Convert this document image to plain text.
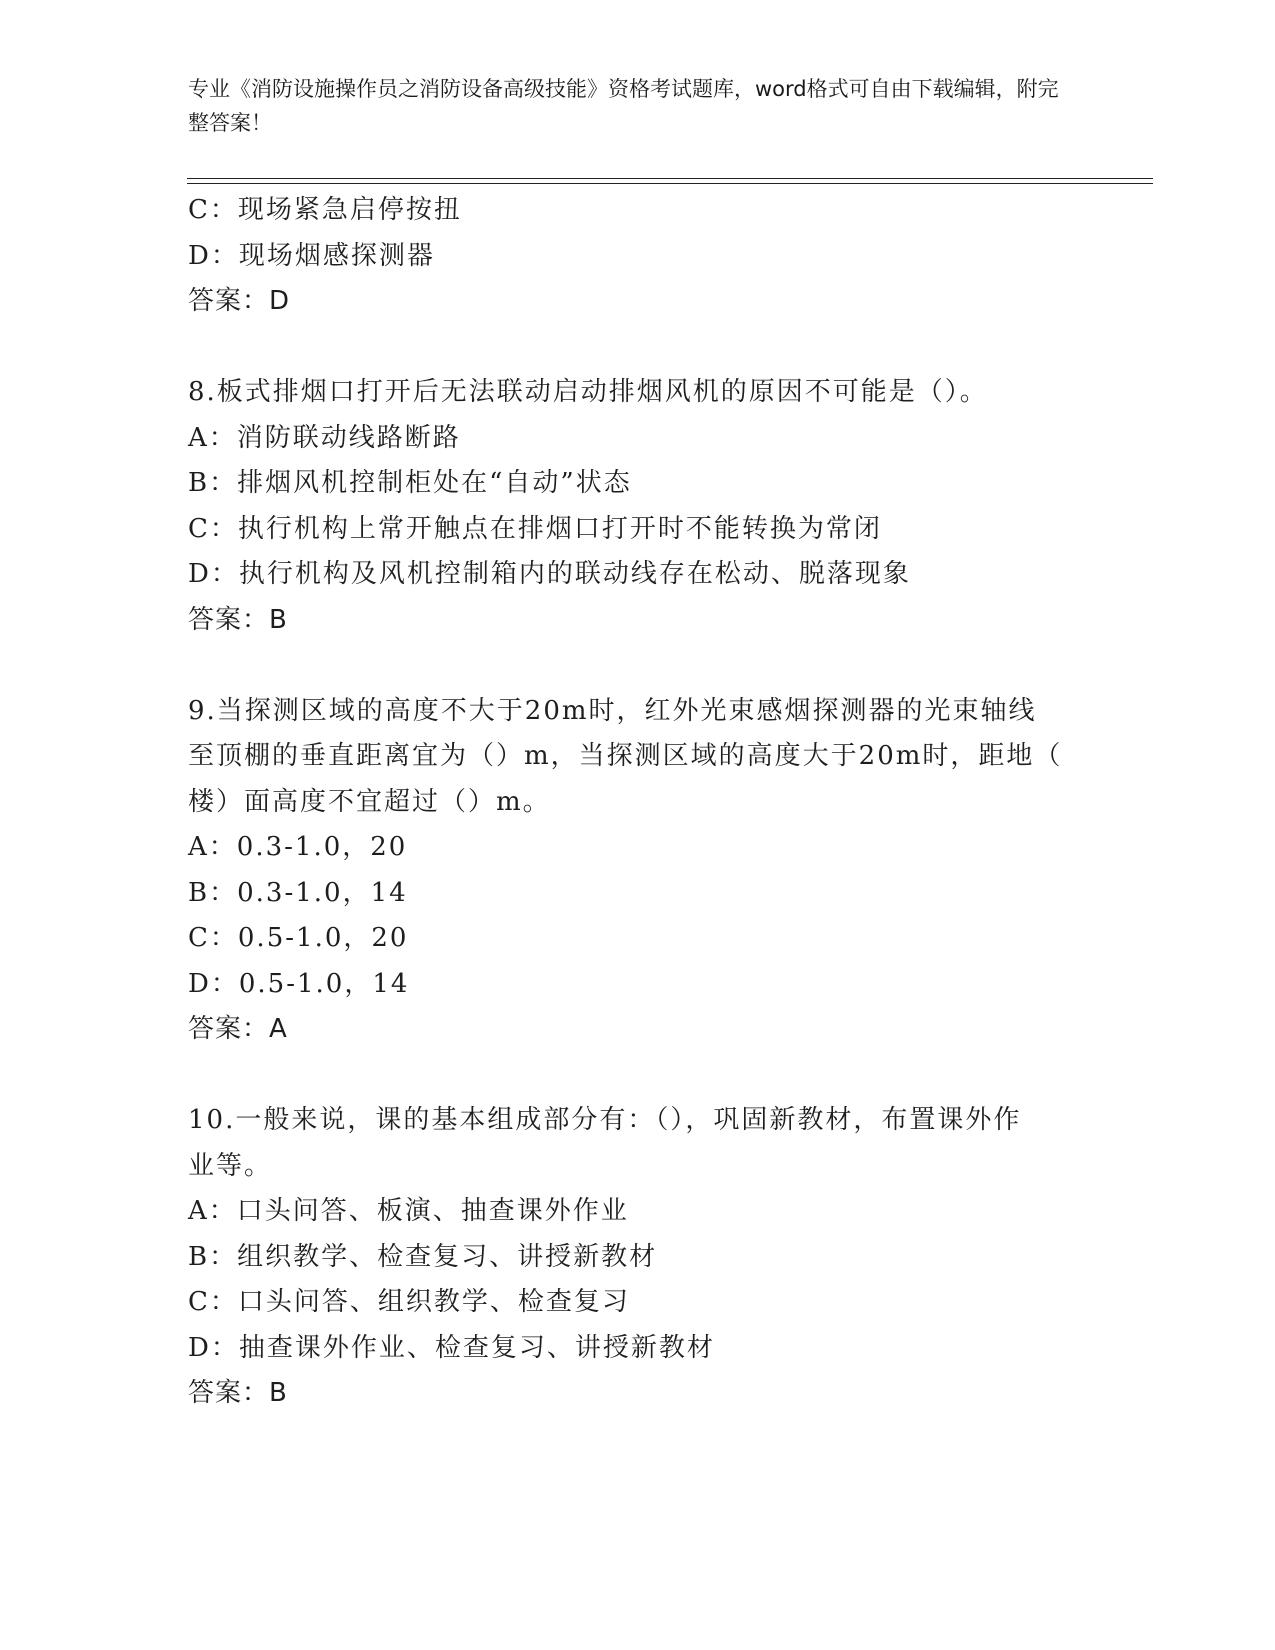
专业《消防设施操作员之消防设备高级技能》资格考试题库，word格式可自由下载编辑，附完整答案！
C：现场紧急启停按扭
D：现场烟感探测器
答案：D
8.板式排烟口打开后无法联动启动排烟风机的原因不可能是（）。
A：消防联动线路断路
B：排烟风机控制柜处在“自动”状态
C：执行机构上常开触点在排烟口打开时不能转换为常闭
D：执行机构及风机控制箱内的联动线存在松动、脱落现象
答案：B
9.当探测区域的高度不大于20m时，红外光束感烟探测器的光束轴线
至顶棚的垂直距离宜为（）m，当探测区域的高度大于20m时，距地（
楼）面高度不宜超过（）m。
A：0.3-1.0，20
B：0.3-1.0，14
C：0.5-1.0，20
D：0.5-1.0，14
答案：A
10.一般来说，课的基本组成部分有：（），巩固新教材，布置课外作
业等。
A：口头问答、板演、抽查课外作业
B：组织教学、检查复习、讲授新教材
C：口头问答、组织教学、检查复习
D：抽查课外作业、检查复习、讲授新教材
答案：B
